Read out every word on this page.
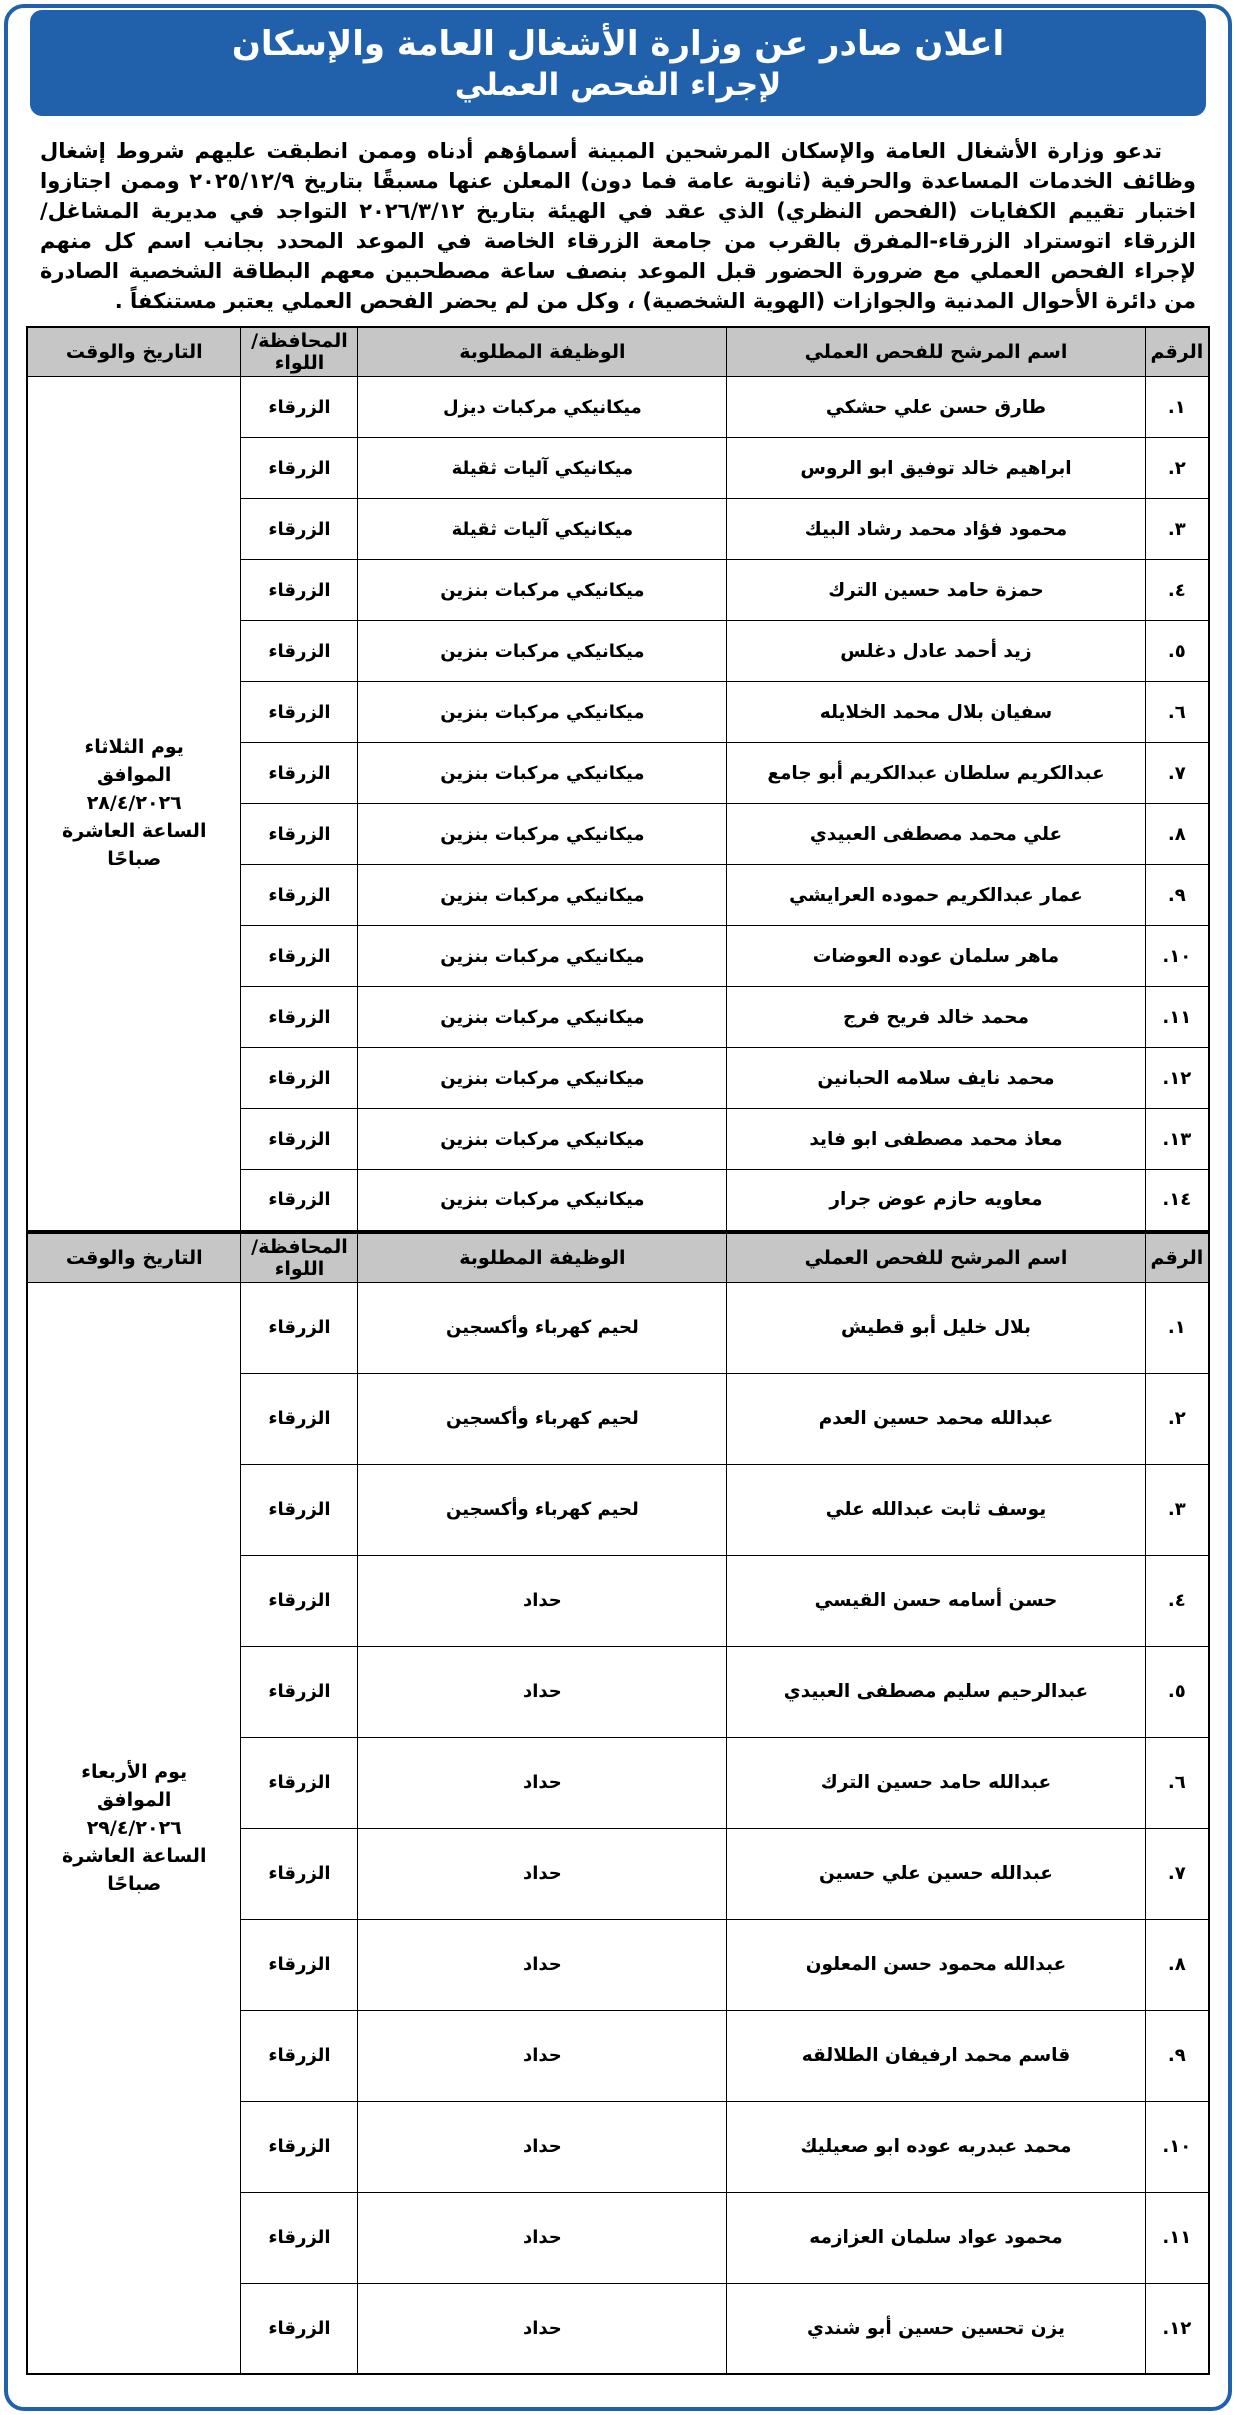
اعلان صادر عن وزارة الأشغال العامة والإسكان
لإجراء الفحص العملي

تدعو وزارة الأشغال العامة والإسكان المرشحين المبينة أسماؤهم أدناه وممن انطبقت عليهم شروط إشغال وظائف الخدمات المساعدة والحرفية (ثانوية عامة فما دون) المعلن عنها مسبقًا بتاريخ ٢٠٢٥/١٢/٩ وممن اجتازوا اختبار تقييم الكفايات (الفحص النظري) الذي عقد في الهيئة بتاريخ ٢٠٢٦/٣/١٢ التواجد في مديرية المشاغل/الزرقاء اتوستراد الزرقاء-المفرق بالقرب من جامعة الزرقاء الخاصة في الموعد المحدد بجانب اسم كل منهم لإجراء الفحص العملي مع ضرورة الحضور قبل الموعد بنصف ساعة مصطحبين معهم البطاقة الشخصية الصادرة من دائرة الأحوال المدنية والجوازات (الهوية الشخصية) ، وكل من لم يحضر الفحص العملي يعتبر مستنكفاً .

الرقم	اسم المرشح للفحص العملي	الوظيفة المطلوبة	المحافظة/اللواء	التاريخ والوقت
١.	طارق حسن علي حشكي	ميكانيكي مركبات ديزل	الزرقاء	يوم الثلاثاء
الموافق
٢٨/٤/٢٠٢٦
الساعة العاشرة
صباحًا

٢.	ابراهيم خالد توفيق ابو الروس	ميكانيكي آليات ثقيلة	الزرقاء	
٣.	محمود فؤاد محمد رشاد البيك	ميكانيكي آليات ثقيلة	الزرقاء	
٤.	حمزة حامد حسين الترك	ميكانيكي مركبات بنزين	الزرقاء	
٥.	زيد أحمد عادل دغلس	ميكانيكي مركبات بنزين	الزرقاء	
٦.	سفيان بلال محمد الخلايله	ميكانيكي مركبات بنزين	الزرقاء	
٧.	عبدالكريم سلطان عبدالكريم أبو جامع	ميكانيكي مركبات بنزين	الزرقاء	
٨.	علي محمد مصطفى العبيدي	ميكانيكي مركبات بنزين	الزرقاء	
٩.	عمار عبدالكريم حموده العرايشي	ميكانيكي مركبات بنزين	الزرقاء	
١٠.	ماهر سلمان عوده العوضات	ميكانيكي مركبات بنزين	الزرقاء	
١١.	محمد خالد فريح فرج	ميكانيكي مركبات بنزين	الزرقاء	
١٢.	محمد نايف سلامه الحبانين	ميكانيكي مركبات بنزين	الزرقاء	
١٣.	معاذ محمد مصطفى ابو فايد	ميكانيكي مركبات بنزين	الزرقاء	
١٤.	معاويه حازم عوض جرار	ميكانيكي مركبات بنزين	الزرقاء	
الرقم	اسم المرشح للفحص العملي	الوظيفة المطلوبة	المحافظة/اللواء	التاريخ والوقت
١.	بلال خليل أبو قطيش	لحيم كهرباء وأكسجين	الزرقاء	يوم الأربعاء
الموافق
٢٩/٤/٢٠٢٦
الساعة العاشرة
صباحًا

٢.	عبدالله محمد حسين العدم	لحيم كهرباء وأكسجين	الزرقاء	
٣.	يوسف ثابت عبدالله علي	لحيم كهرباء وأكسجين	الزرقاء	
٤.	حسن أسامه حسن القيسي	حداد	الزرقاء	
٥.	عبدالرحيم سليم مصطفى العبيدي	حداد	الزرقاء	
٦.	عبدالله حامد حسين الترك	حداد	الزرقاء	
٧.	عبدالله حسين علي حسين	حداد	الزرقاء	
٨.	عبدالله محمود حسن المعلون	حداد	الزرقاء	
٩.	قاسم محمد ارفيفان الطلالقه	حداد	الزرقاء	
١٠.	محمد عبدربه عوده ابو صعيليك	حداد	الزرقاء	
١١.	محمود عواد سلمان العزازمه	حداد	الزرقاء	
١٢.	يزن تحسين حسين أبو شندي	حداد	الزرقاء	
